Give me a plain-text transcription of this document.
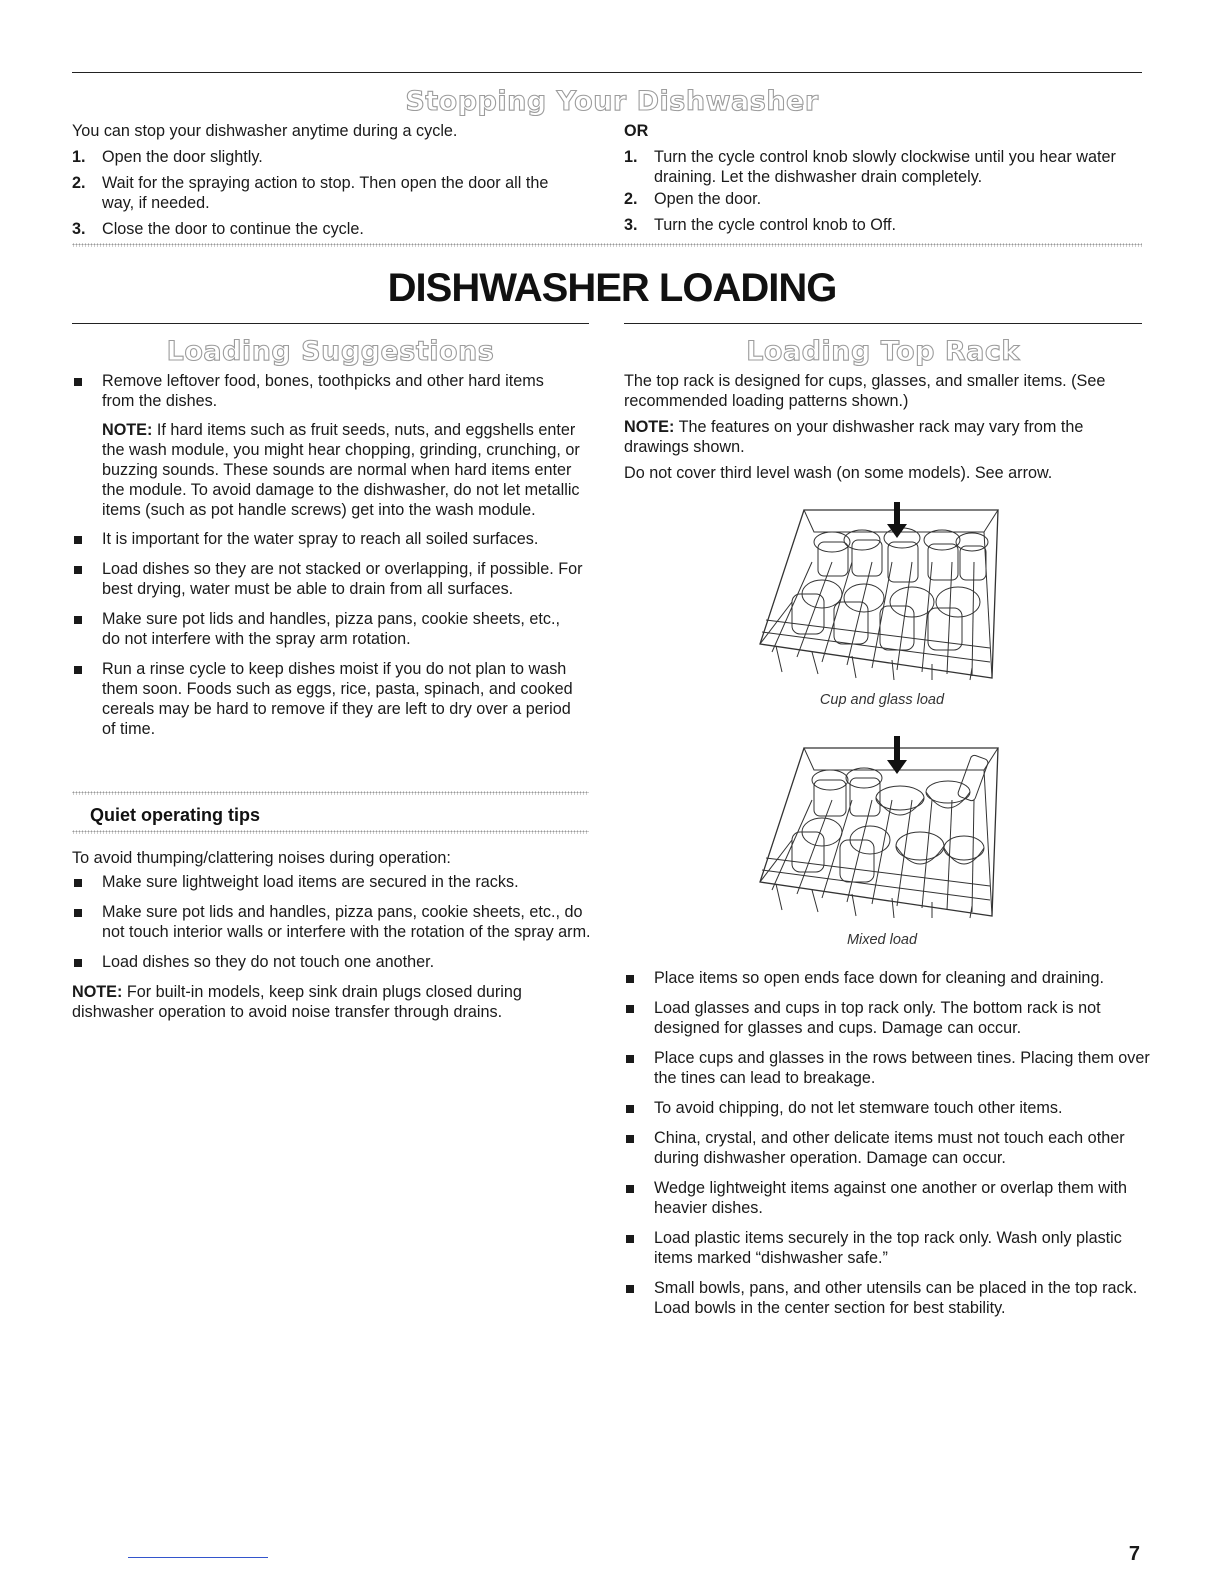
Stopping Your Dishwasher

You can stop your dishwasher anytime during a cycle.

1. Open the door slightly.
2. Wait for the spraying action to stop. Then open the door all the way, if needed.
3. Close the door to continue the cycle.

OR

1. Turn the cycle control knob slowly clockwise until you hear water draining. Let the dishwasher drain completely.
2. Open the door.
3. Turn the cycle control knob to Off.
DISHWASHER LOADING
Loading Suggestions
Remove leftover food, bones, toothpicks and other hard items from the dishes.

NOTE: If hard items such as fruit seeds, nuts, and eggshells enter the wash module, you might hear chopping, grinding, crunching, or buzzing sounds. These sounds are normal when hard items enter the module. To avoid damage to the dishwasher, do not let metallic items (such as pot handle screws) get into the wash module.

It is important for the water spray to reach all soiled surfaces.
Load dishes so they are not stacked or overlapping, if possible. For best drying, water must be able to drain from all surfaces.
Make sure pot lids and handles, pizza pans, cookie sheets, etc., do not interfere with the spray arm rotation.
Run a rinse cycle to keep dishes moist if you do not plan to wash them soon. Foods such as eggs, rice, pasta, spinach, and cooked cereals may be hard to remove if they are left to dry over a period of time.
Quiet operating tips

To avoid thumping/clattering noises during operation:

Make sure lightweight load items are secured in the racks.
Make sure pot lids and handles, pizza pans, cookie sheets, etc., do not touch interior walls or interfere with the rotation of the spray arm.
Load dishes so they do not touch one another.

NOTE: For built-in models, keep sink drain plugs closed during dishwasher operation to avoid noise transfer through drains.

Loading Top Rack

The top rack is designed for cups, glasses, and smaller items. (See recommended loading patterns shown.)

NOTE: The features on your dishwasher rack may vary from the drawings shown.

Do not cover third level wash (on some models). See arrow.

Cup and glass load
Mixed load
Place items so open ends face down for cleaning and draining.
Load glasses and cups in top rack only. The bottom rack is not designed for glasses and cups. Damage can occur.
Place cups and glasses in the rows between tines. Placing them over the tines can lead to breakage.
To avoid chipping, do not let stemware touch other items.
China, crystal, and other delicate items must not touch each other during dishwasher operation. Damage can occur.
Wedge lightweight items against one another or overlap them with heavier dishes.
Load plastic items securely in the top rack only. Wash only plastic items marked “dishwasher safe.”
Small bowls, pans, and other utensils can be placed in the top rack. Load bowls in the center section for best stability.
7
